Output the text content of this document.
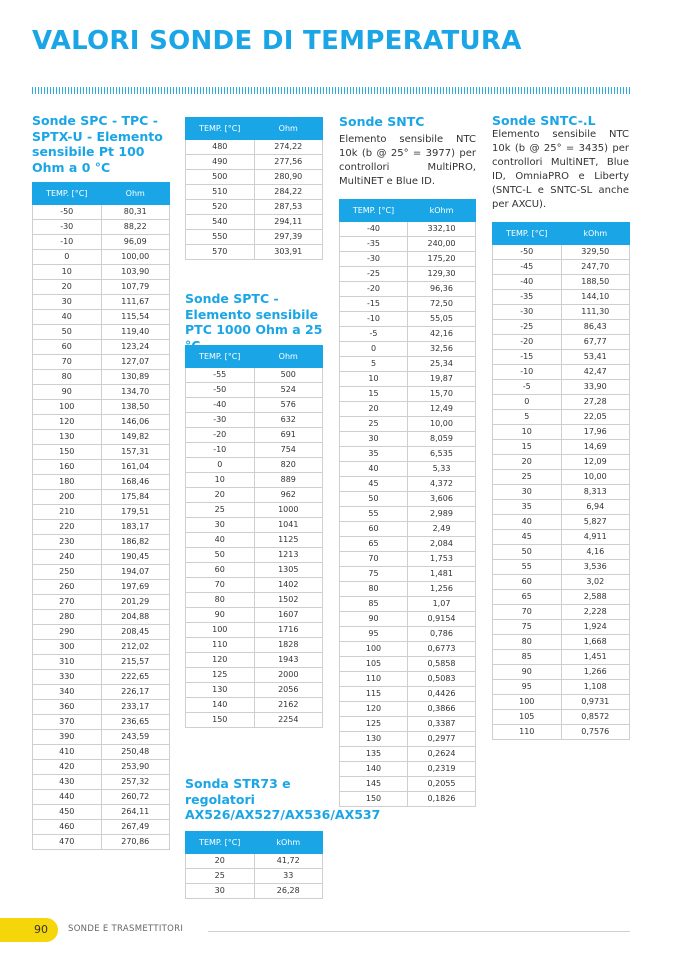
VALORI SONDE DI TEMPERATURA
Sonde SPC - TPC - SPTX-U - Elemento sensibile Pt 100 Ohm a 0 °C
TEMP. [°C]	Ohm
-50	80,31
-30	88,22
-10	96,09
0	100,00
10	103,90
20	107,79
30	111,67
40	115,54
50	119,40
60	123,24
70	127,07
80	130,89
90	134,70
100	138,50
120	146,06
130	149,82
150	157,31
160	161,04
180	168,46
200	175,84
210	179,51
220	183,17
230	186,82
240	190,45
250	194,07
260	197,69
270	201,29
280	204,88
290	208,45
300	212,02
310	215,57
330	222,65
340	226,17
360	233,17
370	236,65
390	243,59
410	250,48
420	253,90
430	257,32
440	260,72
450	264,11
460	267,49
470	270,86
TEMP. [°C]	Ohm
480	274,22
490	277,56
500	280,90
510	284,22
520	287,53
540	294,11
550	297,39
570	303,91
Sonde SPTC - Elemento sensibile PTC 1000 Ohm a 25
TEMP. [°C]	Ohm
-55	500
-50	524
-40	576
-30	632
-20	691
-10	754
0	820
10	889
20	962
25	1000
30	1041
40	1125
50	1213
60	1305
70	1402
80	1502
90	1607
100	1716
110	1828
120	1943
125	2000
130	2056
140	2162
150	2254
Sonda STR73 e regolatori AX526/AX527/AX536/AX537
TEMP. [°C]	kOhm
20	41,72
25	33
30	26,28
Sonde SNTC
Elemento sensibile NTC 10k (b @ 25° = 3977) per controllori MultiPRO, MultiNET e Blue ID.
TEMP. [°C]	kOhm
-40	332,10
-35	240,00
-30	175,20
-25	129,30
-20	96,36
-15	72,50
-10	55,05
-5	42,16
0	32,56
5	25,34
10	19,87
15	15,70
20	12,49
25	10,00
30	8,059
35	6,535
40	5,33
45	4,372
50	3,606
55	2,989
60	2,49
65	2,084
70	1,753
75	1,481
80	1,256
85	1,07
90	0,9154
95	0,786
100	0,6773
105	0,5858
110	0,5083
115	0,4426
120	0,3866
125	0,3387
130	0,2977
135	0,2624
140	0,2319
145	0,2055
150	0,1826
Sonde SNTC-.L
Elemento sensibile NTC 10k (b @ 25° = 3435) per controllori MultiNET, Blue ID, OmniaPRO e Liberty (SNTC-L e SNTC-SL anche per AXCU).
TEMP. [°C]	kOhm
-50	329,50
-45	247,70
-40	188,50
-35	144,10
-30	111,30
-25	86,43
-20	67,77
-15	53,41
-10	42,47
-5	33,90
0	27,28
5	22,05
10	17,96
15	14,69
20	12,09
25	10,00
30	8,313
35	6,94
40	5,827
45	4,911
50	4,16
55	3,536
60	3,02
65	2,588
70	2,228
75	1,924
80	1,668
85	1,451
90	1,266
95	1,108
100	0,9731
105	0,8572
110	0,7576
90	SONDE E TRASMETTITORI
